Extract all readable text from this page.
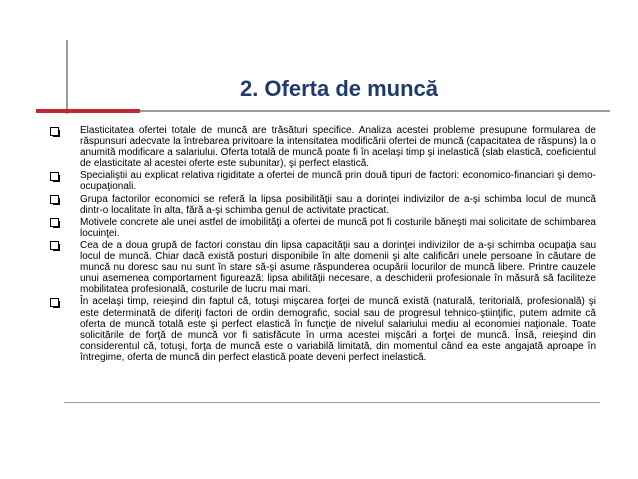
2. Oferta de muncă
Elasticitatea ofertei totale de muncă are trăsături specifice. Analiza acestei probleme presupune formularea de răspunsuri adecvate la întrebarea privitoare la intensitatea modificării ofertei de muncă (capacitatea de răspuns) la o anumită modificare a salariului. Oferta totală de muncă poate fi în acelaşi timp şi inelastică (slab elastică, coeficientul de elasticitate al acestei oferte este subunitar), şi perfect elastică.
Specialiştii au explicat relativa rigiditate a ofertei de muncă prin două tipuri de factori: economico-financiari şi demo-ocupaţionali.
Grupa factorilor economici se referă la lipsa posibilităţii sau a dorinţei indivizilor de a-şi schimba locul de muncă dintr-o localitate în alta, fără a-şi schimba genul de activitate practicat.
Motivele concrete ale unei astfel de imobilităţi a ofertei de muncă pot fi costurile băneşti mai solicitate de schimbarea locuinţei.
Cea de a doua grupă de factori constau din lipsa capacităţii sau a dorinţei indivizilor de a-şi schimba ocupaţia sau locul de muncă. Chiar dacă există posturi disponibile în alte domenii şi alte calificări unele persoane în căutare de muncă nu doresc sau nu sunt în stare să-şi asume răspunderea ocupării locurilor de muncă libere. Printre cauzele unui asemenea comportament figurează: lipsa abilităţii necesare, a deschiderii profesionale în măsură să faciliteze mobilitatea profesională, costurile de lucru mai mari.
În acelaşi timp, reieşind din faptul că, totuşi mişcarea forţei de muncă există (naturală, teritorială, profesională) şi este determinată de diferiţi factori de ordin demografic, social sau de progresul tehnico-ştiinţific, putem admite că oferta de muncă totală este şi perfect elastică în funcţie de nivelul salariului mediu al economiei naţionale. Toate solicitările de forţă de muncă vor fi satisfăcute în urma acestei mişcări a forţei de muncă. Însă, reieşind din considerentul că, totuşi, forţa de muncă este o variabilă limitată, din momentul când ea este angajată aproape în întregime, oferta de muncă din perfect elastică poate deveni perfect inelastică.
